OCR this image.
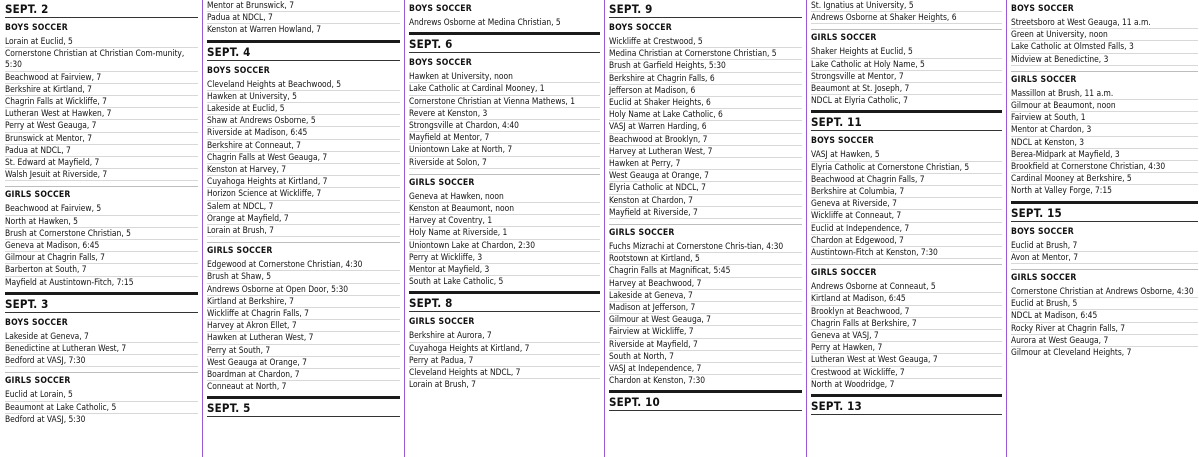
SEPT. 2
BOYS SOCCER
Lorain at Euclid, 5
Cornerstone Christian at Christian Com-munity, 5:30
Beachwood at Fairview, 7
Berkshire at Kirtland, 7
Chagrin Falls at Wickliffe, 7
Lutheran West at Hawken, 7
Perry at West Geauga, 7
Brunswick at Mentor, 7
Padua at NDCL, 7
St. Edward at Mayfield, 7
Walsh Jesuit at Riverside, 7
GIRLS SOCCER
Beachwood at Fairview, 5
North at Hawken, 5
Brush at Cornerstone Christian, 5
Geneva at Madison, 6:45
Gilmour at Chagrin Falls, 7
Barberton at South, 7
Mayfield at Austintown-Fitch, 7:15
SEPT. 3
BOYS SOCCER
Lakeside at Geneva, 7
Benedictine at Lutheran West, 7
Bedford at VASJ, 7:30
GIRLS SOCCER
Euclid at Lorain, 5
Beaumont at Lake Catholic, 5
Bedford at VASJ, 5:30
Mentor at Brunswick, 7
Padua at NDCL, 7
Kenston at Warren Howland, 7
SEPT. 4
BOYS SOCCER
Cleveland Heights at Beachwood, 5
Hawken at University, 5
Lakeside at Euclid, 5
Shaw at Andrews Osborne, 5
Riverside at Madison, 6:45
Berkshire at Conneaut, 7
Chagrin Falls at West Geauga, 7
Kenston at Harvey, 7
Cuyahoga Heights at Kirtland, 7
Horizon Science at Wickliffe, 7
Salem at NDCL, 7
Orange at Mayfield, 7
Lorain at Brush, 7
GIRLS SOCCER
Edgewood at Cornerstone Christian, 4:30
Brush at Shaw, 5
Andrews Osborne at Open Door, 5:30
Kirtland at Berkshire, 7
Wickliffe at Chagrin Falls, 7
Harvey at Akron Ellet, 7
Hawken at Lutheran West, 7
Perry at South, 7
West Geauga at Orange, 7
Boardman at Chardon, 7
Conneaut at North, 7
SEPT. 5
BOYS SOCCER
Andrews Osborne at Medina Christian, 5
SEPT. 6
BOYS SOCCER
Hawken at University, noon
Lake Catholic at Cardinal Mooney, 1
Cornerstone Christian at Vienna Mathews, 1
Revere at Kenston, 3
Strongsville at Chardon, 4:40
Mayfield at Mentor, 7
Uniontown Lake at North, 7
Riverside at Solon, 7
GIRLS SOCCER
Geneva at Hawken, noon
Kenston at Beaumont, noon
Harvey at Coventry, 1
Holy Name at Riverside, 1
Uniontown Lake at Chardon, 2:30
Perry at Wickliffe, 3
Mentor at Mayfield, 3
South at Lake Catholic, 5
SEPT. 8
GIRLS SOCCER
Berkshire at Aurora, 7
Cuyahoga Heights at Kirtland, 7
Perry at Padua, 7
Cleveland Heights at NDCL, 7
Lorain at Brush, 7
SEPT. 9
BOYS SOCCER
Wickliffe at Crestwood, 5
Medina Christian at Cornerstone Christian, 5
Brush at Garfield Heights, 5:30
Berkshire at Chagrin Falls, 6
Jefferson at Madison, 6
Euclid at Shaker Heights, 6
Holy Name at Lake Catholic, 6
VASJ at Warren Harding, 6
Beachwood at Brooklyn, 7
Harvey at Lutheran West, 7
Hawken at Perry, 7
West Geauga at Orange, 7
Elyria Catholic at NDCL, 7
Kenston at Chardon, 7
Mayfield at Riverside, 7
GIRLS SOCCER
Fuchs Mizrachi at Cornerstone Chris-tian, 4:30
Rootstown at Kirtland, 5
Chagrin Falls at Magnificat, 5:45
Harvey at Beachwood, 7
Lakeside at Geneva, 7
Madison at Jefferson, 7
Gilmour at West Geauga, 7
Fairview at Wickliffe, 7
Riverside at Mayfield, 7
South at North, 7
VASJ at Independence, 7
Chardon at Kenston, 7:30
SEPT. 10
St. Ignatius at University, 5
Andrews Osborne at Shaker Heights, 6
GIRLS SOCCER
Shaker Heights at Euclid, 5
Lake Catholic at Holy Name, 5
Strongsville at Mentor, 7
Beaumont at St. Joseph, 7
NDCL at Elyria Catholic, 7
SEPT. 11
BOYS SOCCER
VASJ at Hawken, 5
Elyria Catholic at Cornerstone Christian, 5
Beachwood at Chagrin Falls, 7
Berkshire at Columbia, 7
Geneva at Riverside, 7
Wickliffe at Conneaut, 7
Euclid at Independence, 7
Chardon at Edgewood, 7
Austintown-Fitch at Kenston, 7:30
GIRLS SOCCER
Andrews Osborne at Conneaut, 5
Kirtland at Madison, 6:45
Brooklyn at Beachwood, 7
Chagrin Falls at Berkshire, 7
Geneva at VASJ, 7
Perry at Hawken, 7
Lutheran West at West Geauga, 7
Crestwood at Wickliffe, 7
North at Woodridge, 7
SEPT. 13
BOYS SOCCER
Streetsboro at West Geauga, 11 a.m.
Green at University, noon
Lake Catholic at Olmsted Falls, 3
Midview at Benedictine, 3
GIRLS SOCCER
Massillon at Brush, 11 a.m.
Gilmour at Beaumont, noon
Fairview at South, 1
Mentor at Chardon, 3
NDCL at Kenston, 3
Berea-Midpark at Mayfield, 3
Brookfield at Cornerstone Christian, 4:30
Cardinal Mooney at Berkshire, 5
North at Valley Forge, 7:15
SEPT. 15
BOYS SOCCER
Euclid at Brush, 7
Avon at Mentor, 7
GIRLS SOCCER
Cornerstone Christian at Andrews Osborne, 4:30
Euclid at Brush, 5
NDCL at Madison, 6:45
Rocky River at Chagrin Falls, 7
Aurora at West Geauga, 7
Gilmour at Cleveland Heights, 7
